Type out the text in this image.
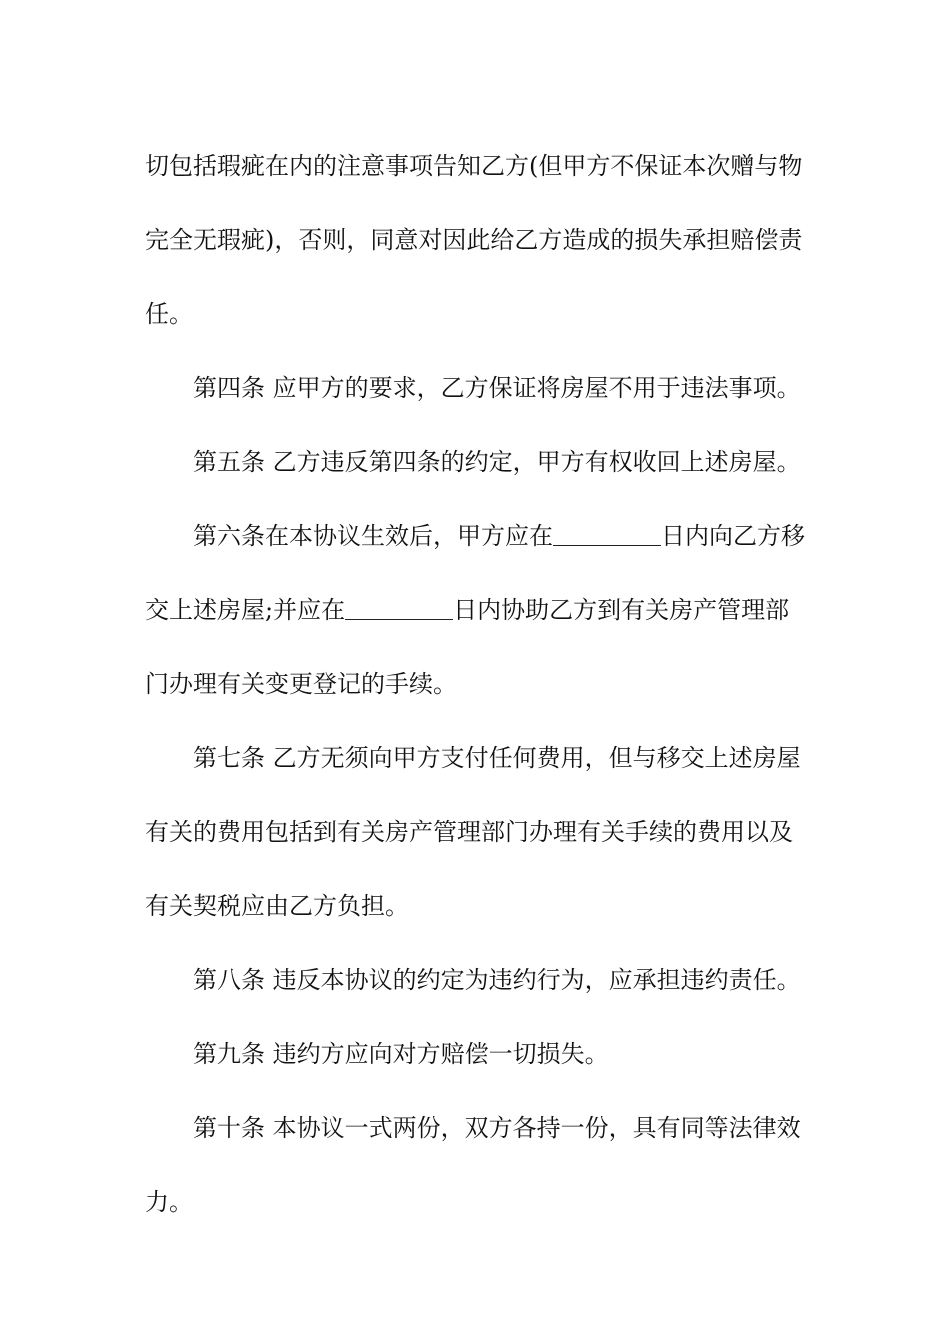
切包括瑕疵在内的注意事项告知乙方(但甲方不保证本次赠与物
完全无瑕疵)，否则，同意对因此给乙方造成的损失承担赔偿责
任。

第四条 应甲方的要求，乙方保证将房屋不用于违法事项。

第五条 乙方违反第四条的约定，甲方有权收回上述房屋。

第六条在本协议生效后，甲方应在	日内向乙方移
交上述房屋;并应在	日内协助乙方到有关房产管理部
门办理有关变更登记的手续。

第七条 乙方无须向甲方支付任何费用，但与移交上述房屋
有关的费用包括到有关房产管理部门办理有关手续的费用以及
有关契税应由乙方负担。

第八条 违反本协议的约定为违约行为，应承担违约责任。

第九条 违约方应向对方赔偿一切损失。

第十条 本协议一式两份，双方各持一份，具有同等法律效
力。
